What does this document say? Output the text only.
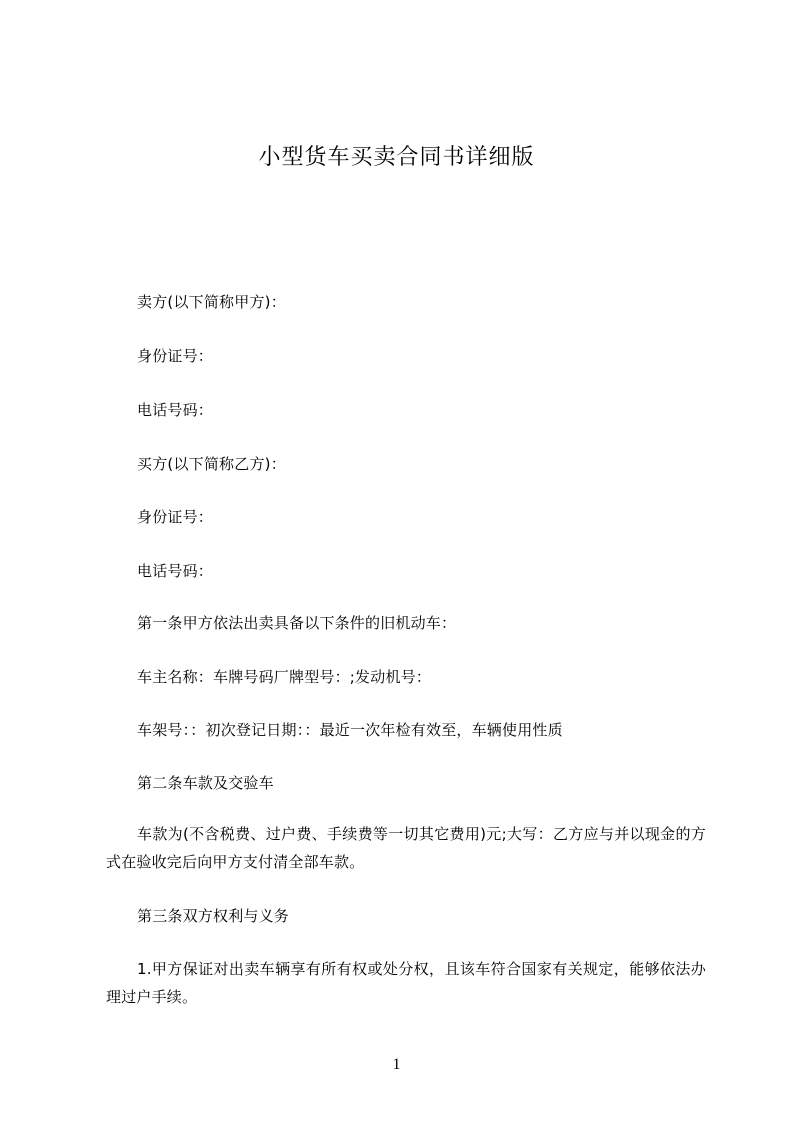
小型货车买卖合同书详细版
卖方(以下简称甲方)：
身份证号：
电话号码：
买方(以下简称乙方)：
身份证号：
电话号码：
第一条甲方依法出卖具备以下条件的旧机动车：
车主名称：车牌号码厂牌型号：;发动机号：
车架号：：初次登记日期：：最近一次年检有效至，车辆使用性质
第二条车款及交验车
车款为(不含税费、过户费、手续费等一切其它费用)元;大写：乙方应与并以现金的方式在验收完后向甲方支付清全部车款。
第三条双方权利与义务
1.甲方保证对出卖车辆享有所有权或处分权，且该车符合国家有关规定，能够依法办理过户手续。
1
